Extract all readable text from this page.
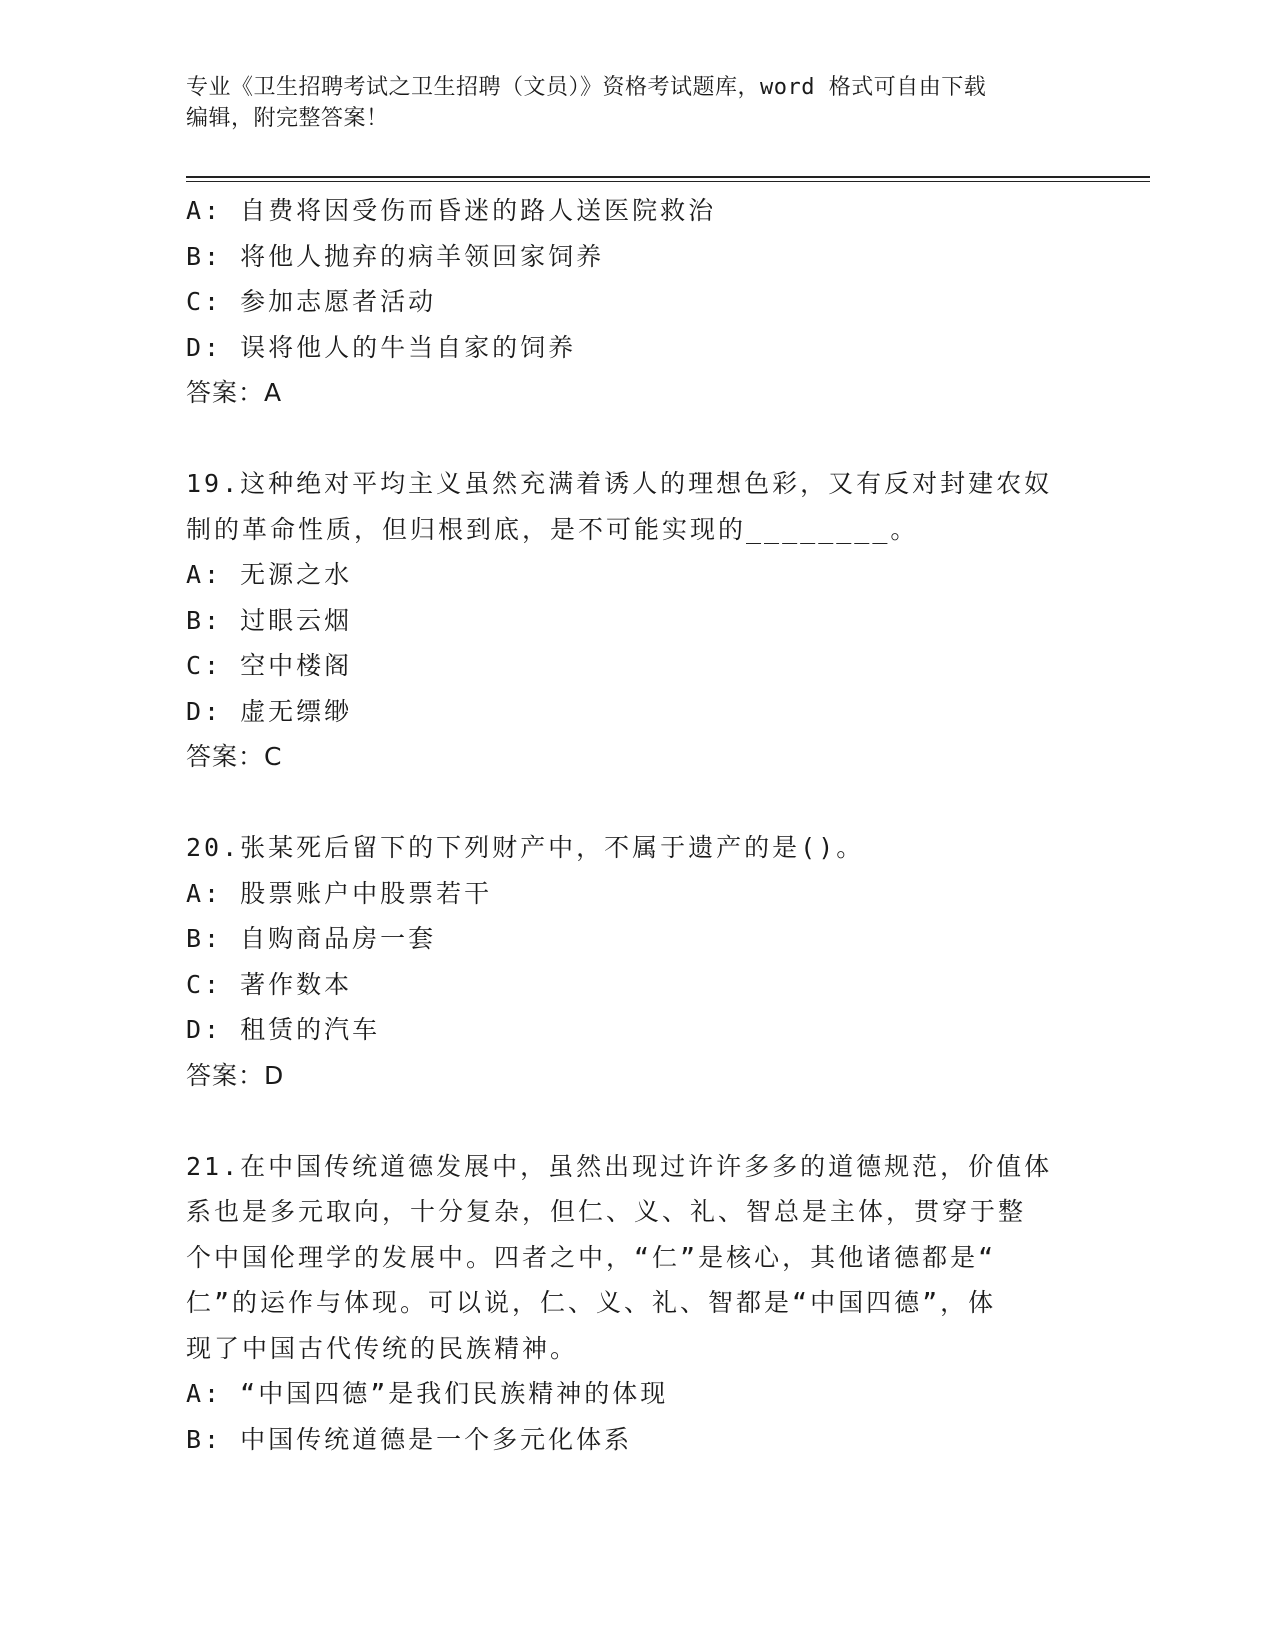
专业《卫生招聘考试之卫生招聘（文员）》资格考试题库，word 格式可自由下载
编辑，附完整答案！
A: 自费将因受伤而昏迷的路人送医院救治
B: 将他人抛弃的病羊领回家饲养
C: 参加志愿者活动
D: 误将他人的牛当自家的饲养
答案：A
19.这种绝对平均主义虽然充满着诱人的理想色彩，又有反对封建农奴
制的革命性质，但归根到底，是不可能实现的________。
A: 无源之水
B: 过眼云烟
C: 空中楼阁
D: 虚无缥缈
答案：C
20.张某死后留下的下列财产中，不属于遗产的是()。
A: 股票账户中股票若干
B: 自购商品房一套
C: 著作数本
D: 租赁的汽车
答案：D
21.在中国传统道德发展中，虽然出现过许许多多的道德规范，价值体
系也是多元取向，十分复杂，但仁、义、礼、智总是主体，贯穿于整
个中国伦理学的发展中。四者之中，“仁”是核心，其他诸德都是“
仁”的运作与体现。可以说，仁、义、礼、智都是“中国四德”，体
现了中国古代传统的民族精神。
A: “中国四德”是我们民族精神的体现
B: 中国传统道德是一个多元化体系
